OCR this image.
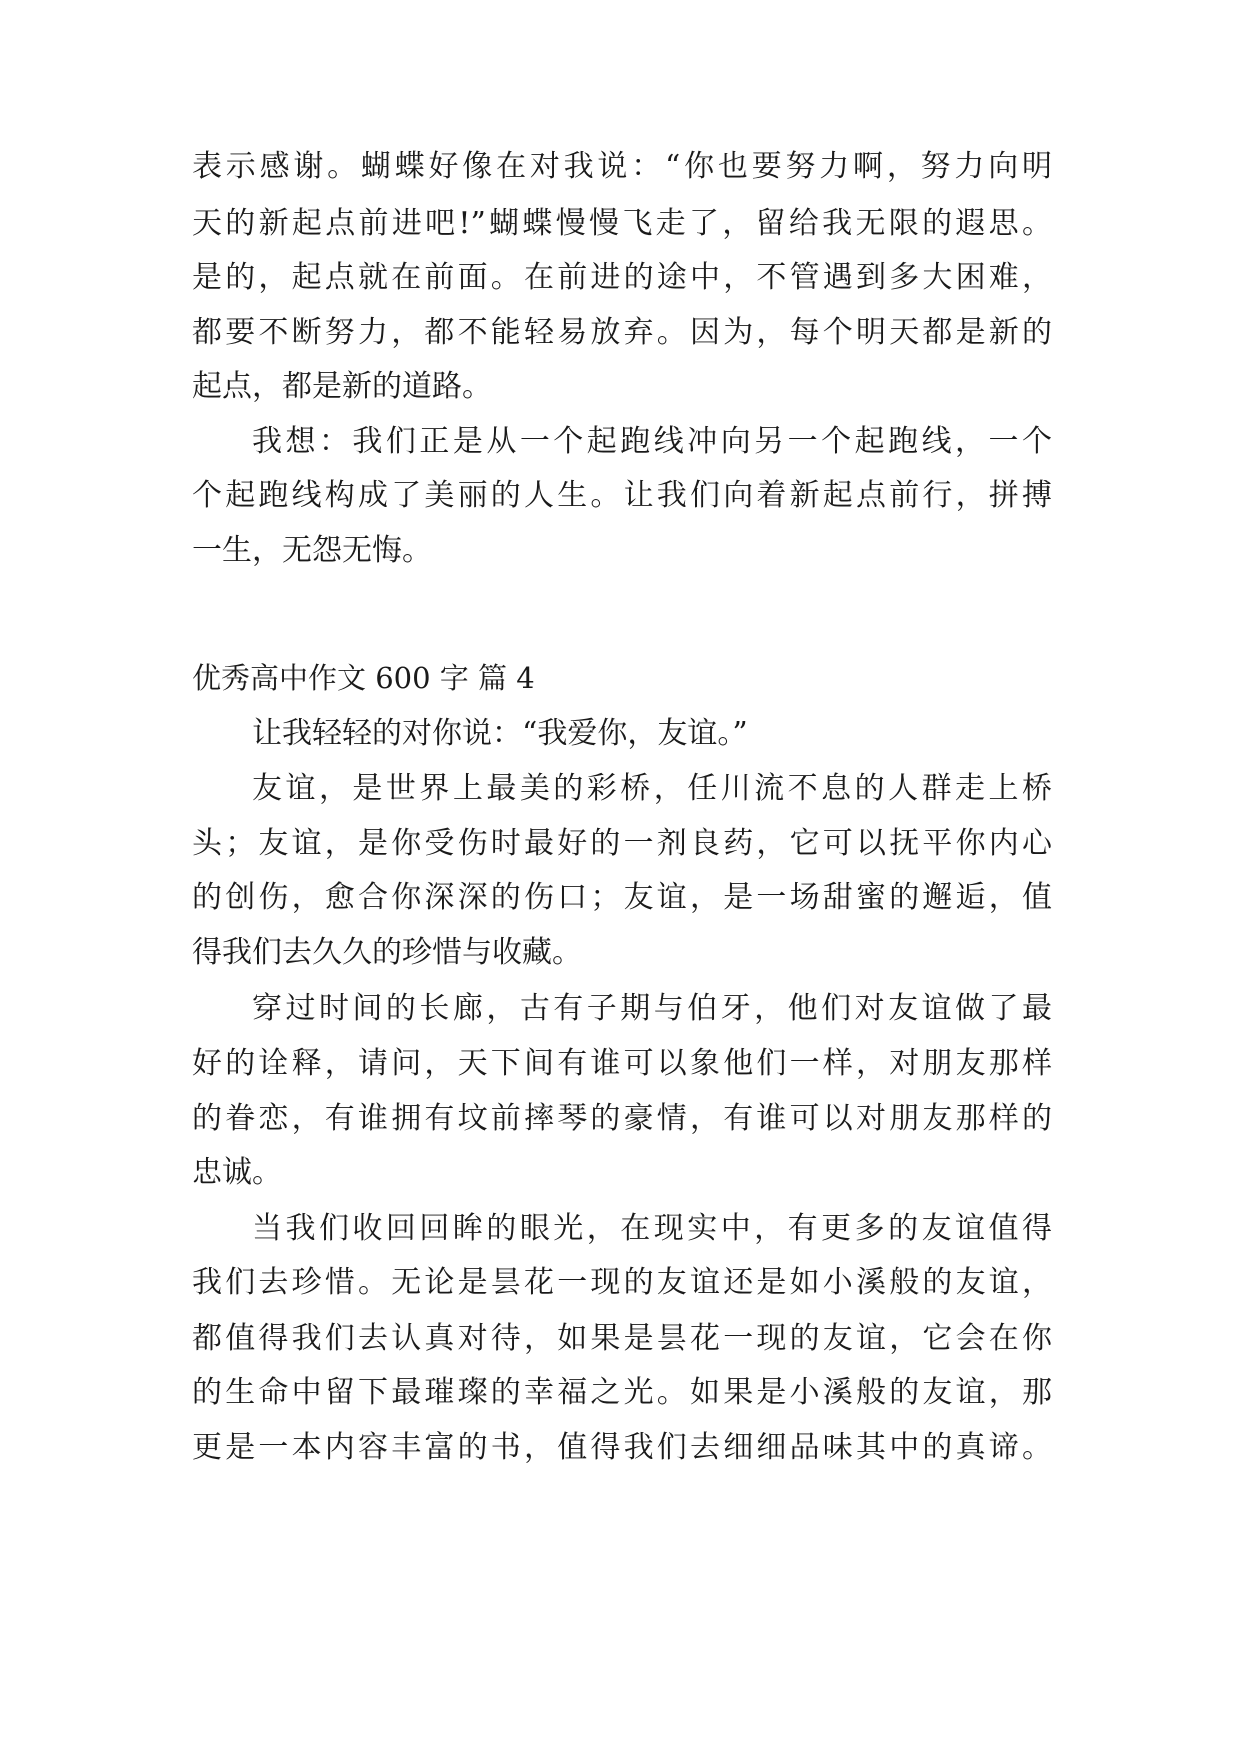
表示感谢。蝴蝶好像在对我说：“你也要努力啊，努力向明
天的新起点前进吧!”蝴蝶慢慢飞走了，留给我无限的遐思。
是的，起点就在前面。在前进的途中，不管遇到多大困难，
都要不断努力，都不能轻易放弃。因为，每个明天都是新的
起点，都是新的道路。
我想：我们正是从一个起跑线冲向另一个起跑线，一个
个起跑线构成了美丽的人生。让我们向着新起点前行，拼搏
一生，无怨无悔。
优秀高中作文 600 字 篇 4
让我轻轻的对你说：“我爱你，友谊。”
友谊，是世界上最美的彩桥，任川流不息的人群走上桥
头；友谊，是你受伤时最好的一剂良药，它可以抚平你内心
的创伤，愈合你深深的伤口；友谊，是一场甜蜜的邂逅，值
得我们去久久的珍惜与收藏。
穿过时间的长廊，古有子期与伯牙，他们对友谊做了最
好的诠释，请问，天下间有谁可以象他们一样，对朋友那样
的眷恋，有谁拥有坟前摔琴的豪情，有谁可以对朋友那样的
忠诚。
当我们收回回眸的眼光，在现实中，有更多的友谊值得
我们去珍惜。无论是昙花一现的友谊还是如小溪般的友谊，
都值得我们去认真对待，如果是昙花一现的友谊，它会在你
的生命中留下最璀璨的幸福之光。如果是小溪般的友谊，那
更是一本内容丰富的书，值得我们去细细品味其中的真谛。
